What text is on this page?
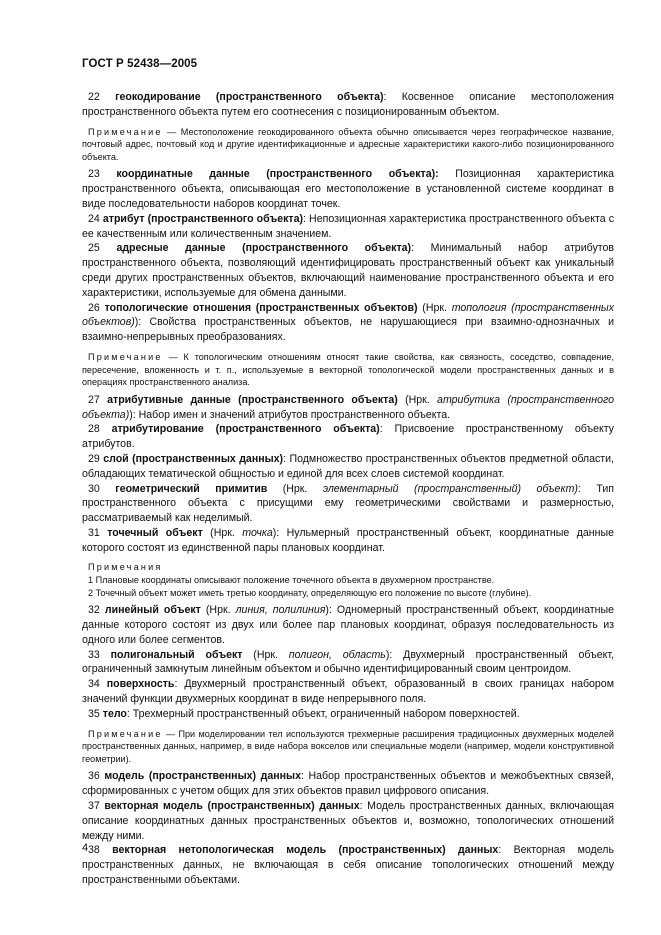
ГОСТ Р 52438—2005

22 геокодирование (пространственного объекта): Косвенное описание местоположения пространственного объекта путем его соотнесения с позиционированным объектом.

Примечание — Местоположение геокодированного объекта обычно описывается через географическое название, почтовый адрес, почтовый код и другие идентификационные и адресные характеристики какого-либо позиционированного объекта.

23 координатные данные (пространственного объекта): Позиционная характеристика пространственного объекта, описывающая его местоположение в установленной системе координат в виде последовательности наборов координат точек.

24 атрибут (пространственного объекта): Непозиционная характеристика пространственного объекта с ее качественным или количественным значением.

25 адресные данные (пространственного объекта): Минимальный набор атрибутов пространственного объекта, позволяющий идентифицировать пространственный объект как уникальный среди других пространственных объектов, включающий наименование пространственного объекта и его характеристики, используемые для обмена данными.

26 топологические отношения (пространственных объектов) (Нрк. топология (пространственных объектов)): Свойства пространственных объектов, не нарушающиеся при взаимно-однозначных и взаимно-непрерывных преобразованиях.

Примечание — К топологическим отношениям относят такие свойства, как связность, соседство, совпадение, пересечение, вложенность и т. п., используемые в векторной топологической модели пространственных данных и в операциях пространственного анализа.

27 атрибутивные данные (пространственного объекта) (Нрк. атрибутика (пространственного объекта)): Набор имен и значений атрибутов пространственного объекта.

28 атрибутирование (пространственного объекта): Присвоение пространственному объекту атрибутов.

29 слой (пространственных данных): Подмножество пространственных объектов предметной области, обладающих тематической общностью и единой для всех слоев системой координат.

30 геометрический примитив (Нрк. элементарный (пространственный) объект): Тип пространственного объекта с присущими ему геометрическими свойствами и размерностью, рассматриваемый как неделимый.

31 точечный объект (Нрк. точка): Нульмерный пространственный объект, координатные данные которого состоят из единственной пары плановых координат.

Примечания

1 Плановые координаты описывают положение точечного объекта в двухмерном пространстве.

2 Точечный объект может иметь третью координату, определяющую его положение по высоте (глубине).

32 линейный объект (Нрк. линия, полилиния): Одномерный пространственный объект, координатные данные которого состоят из двух или более пар плановых координат, образуя последовательность из одного или более сегментов.

33 полигональный объект (Нрк. полигон, область): Двухмерный пространственный объект, ограниченный замкнутым линейным объектом и обычно идентифицированный своим центроидом.

34 поверхность: Двухмерный пространственный объект, образованный в своих границах набором значений функции двухмерных координат в виде непрерывного поля.

35 тело: Трехмерный пространственный объект, ограниченный набором поверхностей.

Примечание — При моделировании тел используются трехмерные расширения традиционных двухмерных моделей пространственных данных, например, в виде набора вокселов или специальные модели (например, модели конструктивной геометрии).

36 модель (пространственных) данных: Набор пространственных объектов и межобъектных связей, сформированных с учетом общих для этих объектов правил цифрового описания.

37 векторная модель (пространственных) данных: Модель пространственных данных, включающая описание координатных данных пространственных объектов и, возможно, топологических отношений между ними.

38 векторная нетопологическая модель (пространственных) данных: Векторная модель пространственных данных, не включающая в себя описание топологических отношений между пространственными объектами.

4
